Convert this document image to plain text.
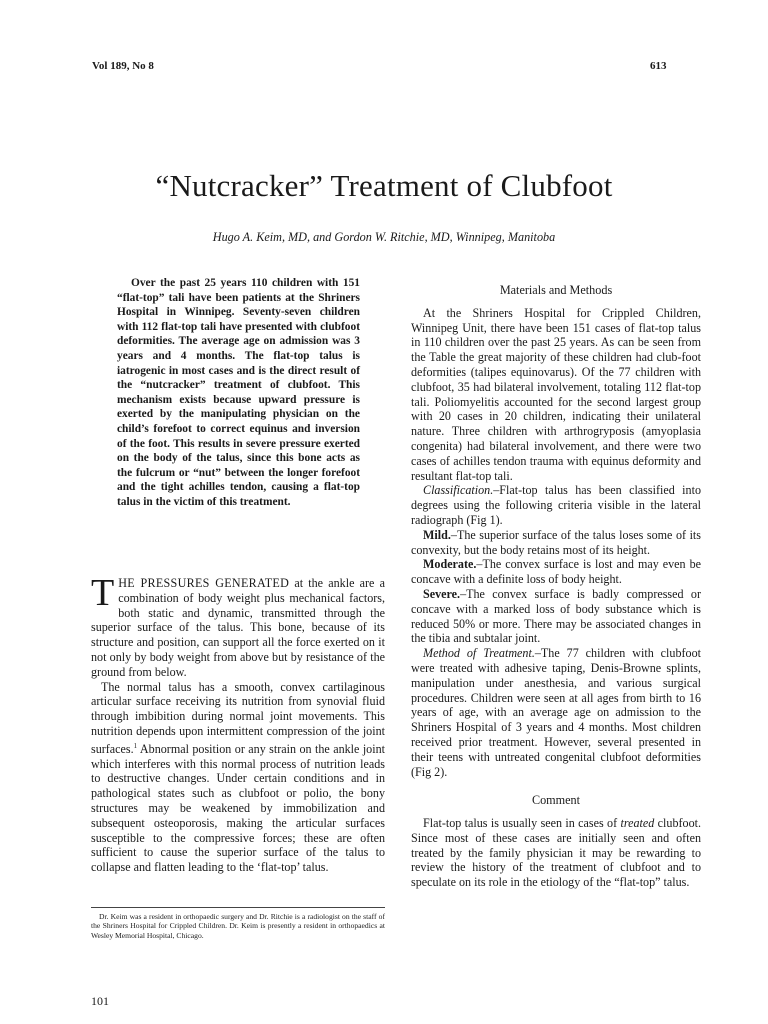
Vol 189, No 8	613
“Nutcracker” Treatment of Clubfoot
Hugo A. Keim, MD, and Gordon W. Ritchie, MD, Winnipeg, Manitoba

Over the past 25 years 110 children with 151 “flat-top” tali have been patients at the Shriners Hospital in Winnipeg. Seventy-seven children with 112 flat-top tali have presented with clubfoot deformities. The average age on admission was 3 years and 4 months. The flat-top talus is iatrogenic in most cases and is the direct result of the “nutcracker” treatment of clubfoot. This mechanism exists because upward pressure is exerted by the manipulating physician on the child’s forefoot to correct equinus and inversion of the foot. This results in severe pressure exerted on the body of the talus, since this bone acts as the fulcrum or “nut” between the longer forefoot and the tight achilles tendon, causing a flat-top talus in the victim of this treatment.

THE PRESSURES GENERATED at the ankle are a combination of body weight plus mechanical factors, both static and dynamic, transmitted through the superior surface of the talus. This bone, because of its structure and position, can support all the force exerted on it not only by body weight from above but by resistance of the ground from below.

The normal talus has a smooth, convex cartilaginous articular surface receiving its nutrition from synovial fluid through imbibition during normal joint movements. This nutrition depends upon intermittent compression of the joint surfaces.$^1$ Abnormal position or any strain on the ankle joint which interferes with this normal process of nutrition leads to destructive changes. Under certain conditions and in pathological states such as clubfoot or polio, the bony structures may be weakened by immobilization and subsequent osteoporosis, making the articular surfaces susceptible to the compressive forces; these are often sufficient to cause the superior surface of the talus to collapse and flatten leading to the ‘flat-top’ talus.

Dr. Keim was a resident in orthopaedic surgery and Dr. Ritchie is a radiologist on the staff of the Shriners Hospital for Crippled Children. Dr. Keim is presently a resident in orthopaedics at Wesley Memorial Hospital, Chicago.

Materials and Methods

At the Shriners Hospital for Crippled Children, Winnipeg Unit, there have been 151 cases of flat-top talus in 110 children over the past 25 years. As can be seen from the Table the great majority of these children had club-foot deformities (talipes equinovarus). Of the 77 children with clubfoot, 35 had bilateral involvement, totaling 112 flat-top tali. Poliomyelitis accounted for the second largest group with 20 cases in 20 children, indicating their unilateral nature. Three children with arthrogryposis (amyoplasia congenita) had bilateral involvement, and there were two cases of achilles tendon trauma with equinus deformity and resultant flat-top tali.

Classification.–Flat-top talus has been classified into degrees using the following criteria visible in the lateral radiograph (Fig 1).

Mild.–The superior surface of the talus loses some of its convexity, but the body retains most of its height.

Moderate.–The convex surface is lost and may even be concave with a definite loss of body height.

Severe.–The convex surface is badly compressed or concave with a marked loss of body substance which is reduced 50% or more. There may be associated changes in the tibia and subtalar joint.

Method of Treatment.–The 77 children with clubfoot were treated with adhesive taping, Denis-Browne splints, manipulation under anesthesia, and various surgical procedures. Children were seen at all ages from birth to 16 years of age, with an average age on admission to the Shriners Hospital of 3 years and 4 months. Most children received prior treatment. However, several presented in their teens with untreated congenital clubfoot deformities (Fig 2).

Comment

Flat-top talus is usually seen in cases of treated clubfoot. Since most of these cases are initially seen and often treated by the family physician it may be rewarding to review the history of the treatment of clubfoot and to speculate on its role in the etiology of the “flat-top” talus.

101
